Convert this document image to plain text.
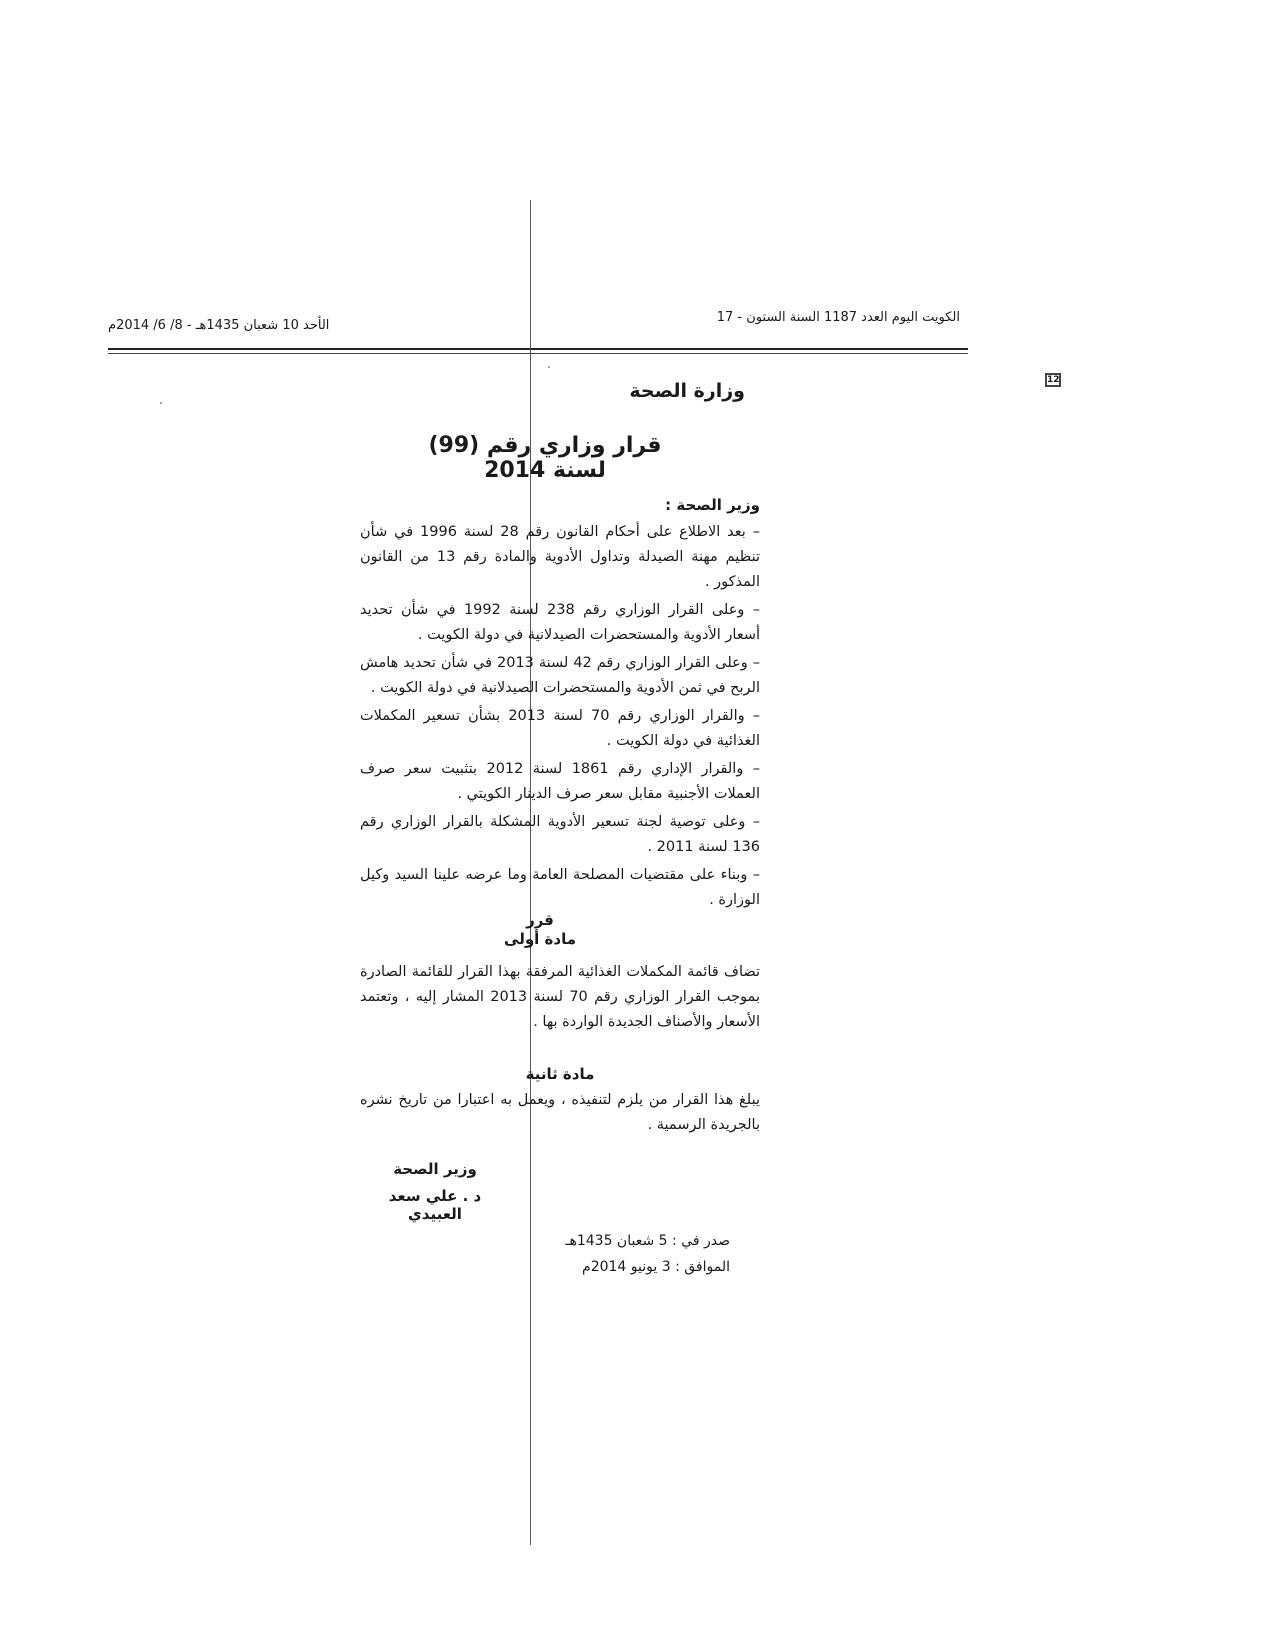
الكويت اليوم العدد 1187 السنة الستون - 17
الأحد 10 شعبان 1435هـ - 8/ 6/ 2014م
12
وزارة الصحة
قرار وزاري رقم (99) لسنة 2014
وزير الصحة :

– بعد الاطلاع على أحكام القانون رقم 28 لسنة 1996 في شأن تنظيم مهنة الصيدلة وتداول الأدوية والمادة رقم 13 من القانون المذكور .

– وعلى القرار الوزاري رقم 238 لسنة 1992 في شأن تحديد أسعار الأدوية والمستحضرات الصيدلانية في دولة الكويت .

– وعلى القرار الوزاري رقم 42 لسنة 2013 في شأن تحديد هامش الربح في ثمن الأدوية والمستحضرات الصيدلانية في دولة الكويت .

– والقرار الوزاري رقم 70 لسنة 2013 بشأن تسعير المكملات الغذائية في دولة الكويت .

– والقرار الإداري رقم 1861 لسنة 2012 بتثبيت سعر صرف العملات الأجنبية مقابل سعر صرف الدينار الكويتي .

– وعلى توصية لجنة تسعير الأدوية المشكلة بالقرار الوزاري رقم 136 لسنة 2011 .

– وبناء على مقتضيات المصلحة العامة وما عرضه علينا السيد وكيل الوزارة .

قرر
مادة أولى
تضاف قائمة المكملات الغذائية المرفقة بهذا القرار للقائمة الصادرة بموجب القرار الوزاري رقم 70 لسنة 2013 المشار إليه ، وتعتمد الأسعار والأصناف الجديدة الواردة بها .
مادة ثانية
يبلغ هذا القرار من يلزم لتنفيذه ، ويعمل به اعتبارا من تاريخ نشره بالجريدة الرسمية .
وزير الصحة
د . علي سعد العبيدي
صدر في : 5 شعبان 1435هـ
الموافق : 3 يونيو 2014م
